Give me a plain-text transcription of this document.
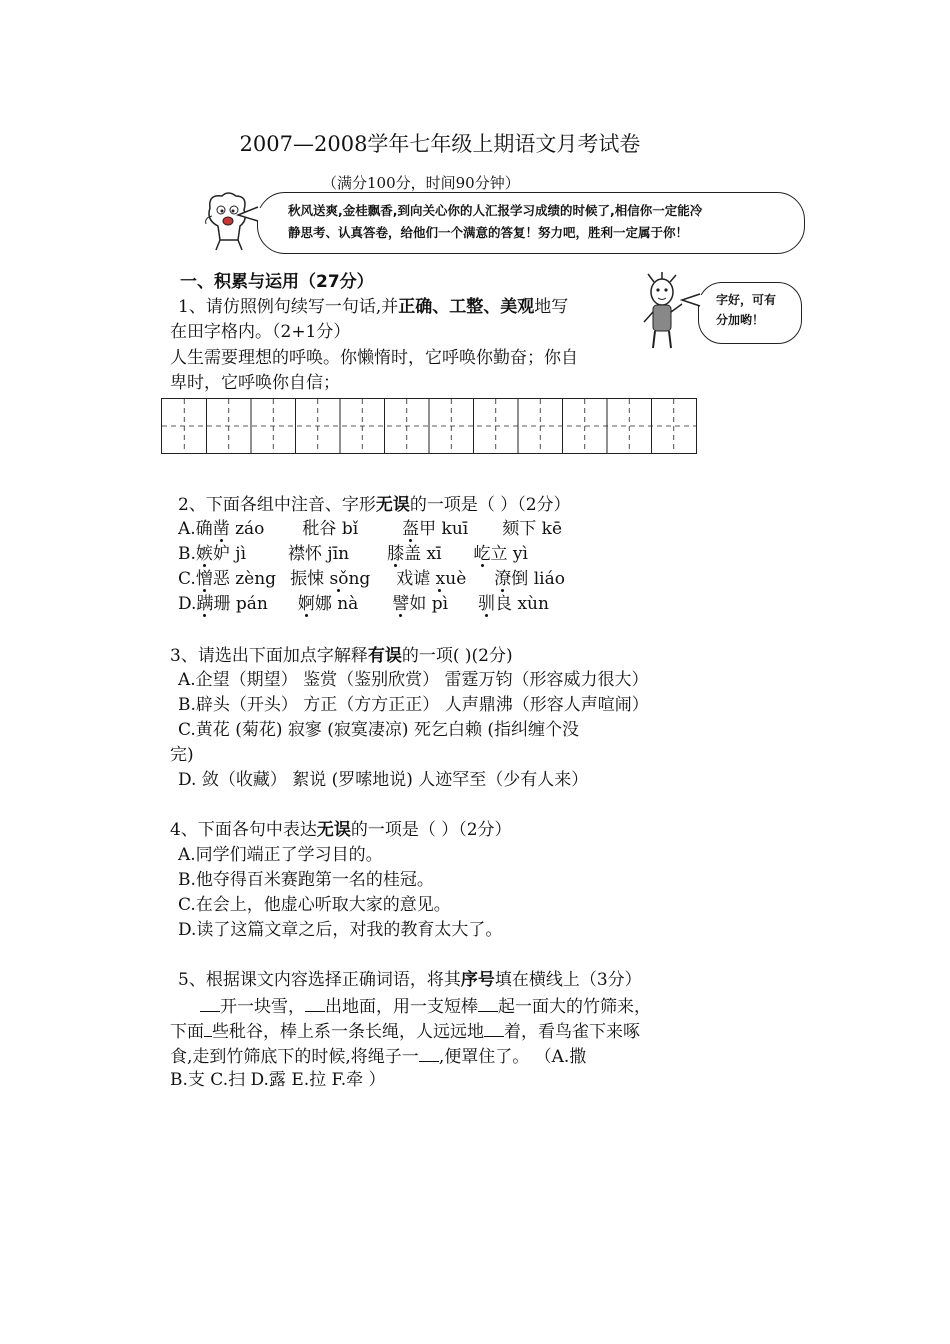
2007—2008学年七年级上期语文月考试卷
（满分100分，时间90分钟）
秋风送爽,金桂飘香,到向关心你的人汇报学习成绩的时候了,相信你一定能冷
静思考、认真答卷，给他们一个满意的答复！努力吧，胜利一定属于你！
一、积累与运用（27分）
字好，可有
分加哟！
1、请仿照例句续写一句话,并正确、工整、美观地写
在田字格内。（2+1分）
人生需要理想的呼唤。你懒惰时，它呼唤你勤奋；你自
卑时，它呼唤你自信；
2、下面各组中注音、字形无误的一项是（ ）（2分）
A.确凿 záo 秕谷 bǐ	盔甲 kuī 颏下 kē
B.嫉妒 jì 襟怀 jīn 膝盖 xī 屹立 yì
C.憎恶 zèng 振悚 sǒng 戏谑 xuè 潦倒 liáo
D.蹒珊 pán 婀娜 nà 譬如 pì 驯良 xùn
3、请选出下面加点字解释有误的一项( )(2分)
A.企望（期望） 鉴赏（鉴别欣赏） 雷霆万钧（形容威力很大）
B.辟头（开头） 方正（方方正正） 人声鼎沸（形容人声喧闹）
C.黄花 (菊花) 寂寥 (寂寞凄凉) 死乞白赖 (指纠缠个没
完)
D. 敛（收藏） 絮说 (罗嗦地说) 人迹罕至（少有人来）
4、下面各句中表达无误的一项是（ ）（2分）
A.同学们端正了学习目的。
B.他夺得百米赛跑第一名的桂冠。
C.在会上，他虚心听取大家的意见。
D.读了这篇文章之后，对我的教育太大了。
5、根据课文内容选择正确词语，将其序号填在横线上（3分）
开一块雪， 出地面，用一支短棒 起一面大的竹筛来，
下面 些秕谷，棒上系一条长绳，人远远地 着，看鸟雀下来啄
食,走到竹筛底下的时候,将绳子一 ,便罩住了。 （A.撒
B.支 C.扫 D.露 E.拉 F.牵 ）
